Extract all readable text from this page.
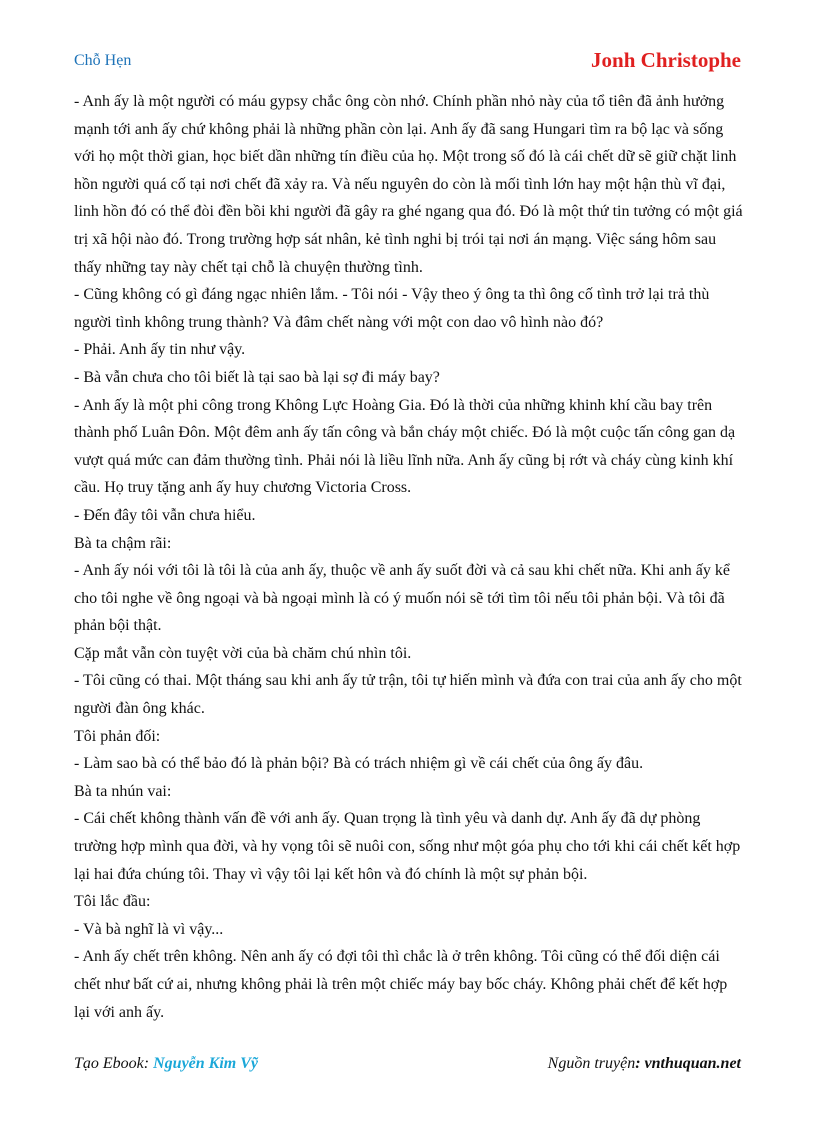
Chỗ Hẹn	Jonh Christophe

- Anh ấy là một người có máu gypsy chắc ông còn nhớ. Chính phần nhỏ này của tổ tiên đã ảnh hưởng mạnh tới anh ấy chứ không phải là những phần còn lại. Anh ấy đã sang Hungari tìm ra bộ lạc và sống với họ một thời gian, học biết dần những tín điều của họ. Một trong số đó là cái chết dữ sẽ giữ chặt linh hồn người quá cố tại nơi chết đã xảy ra. Và nếu nguyên do còn là mối tình lớn hay một hận thù vĩ đại, linh hồn đó có thể đòi đền bồi khi người đã gây ra ghé ngang qua đó. Đó là một thứ tin tưởng có một giá trị xã hội nào đó. Trong trường hợp sát nhân, kẻ tình nghi bị trói tại nơi án mạng. Việc sáng hôm sau thấy những tay này chết tại chỗ là chuyện thường tình.

- Cũng không có gì đáng ngạc nhiên lắm. - Tôi nói - Vậy theo ý ông ta thì ông cố tình trở lại trả thù người tình không trung thành? Và đâm chết nàng với một con dao vô hình nào đó?

- Phải. Anh ấy tin như vậy.

- Bà vẫn chưa cho tôi biết là tại sao bà lại sợ đi máy bay?

- Anh ấy là một phi công trong Không Lực Hoàng Gia. Đó là thời của những khinh khí cầu bay trên thành phố Luân Đôn. Một đêm anh ấy tấn công và bắn cháy một chiếc. Đó là một cuộc tấn công gan dạ vượt quá mức can đảm thường tình. Phải nói là liều lĩnh nữa. Anh ấy cũng bị rớt và cháy cùng kinh khí cầu. Họ truy tặng anh ấy huy chương Victoria Cross.

- Đến đây tôi vẫn chưa hiểu.

Bà ta chậm rãi:

- Anh ấy nói với tôi là tôi là của anh ấy, thuộc về anh ấy suốt đời và cả sau khi chết nữa. Khi anh ấy kể cho tôi nghe về ông ngoại và bà ngoại mình là có ý muốn nói sẽ tới tìm tôi nếu tôi phản bội. Và tôi đã phản bội thật.

Cặp mắt vẫn còn tuyệt vời của bà chăm chú nhìn tôi.

- Tôi cũng có thai. Một tháng sau khi anh ấy tử trận, tôi tự hiến mình và đứa con trai của anh ấy cho một người đàn ông khác.

Tôi phản đối:

- Làm sao bà có thể bảo đó là phản bội? Bà có trách nhiệm gì về cái chết của ông ấy đâu.

Bà ta nhún vai:

- Cái chết không thành vấn đề với anh ấy. Quan trọng là tình yêu và danh dự. Anh ấy đã dự phòng trường hợp mình qua đời, và hy vọng tôi sẽ nuôi con, sống như một góa phụ cho tới khi cái chết kết hợp lại hai đứa chúng tôi. Thay vì vậy tôi lại kết hôn và đó chính là một sự phản bội.

Tôi lắc đầu:

- Và bà nghĩ là vì vậy...

- Anh ấy chết trên không. Nên anh ấy có đợi tôi thì chắc là ở trên không. Tôi cũng có thể đối diện cái chết như bất cứ ai, nhưng không phải là trên một chiếc máy bay bốc cháy. Không phải chết để kết hợp lại với anh ấy.

Tạo Ebook: Nguyễn Kim Vỹ	Nguồn truyện: vnthuquan.net
